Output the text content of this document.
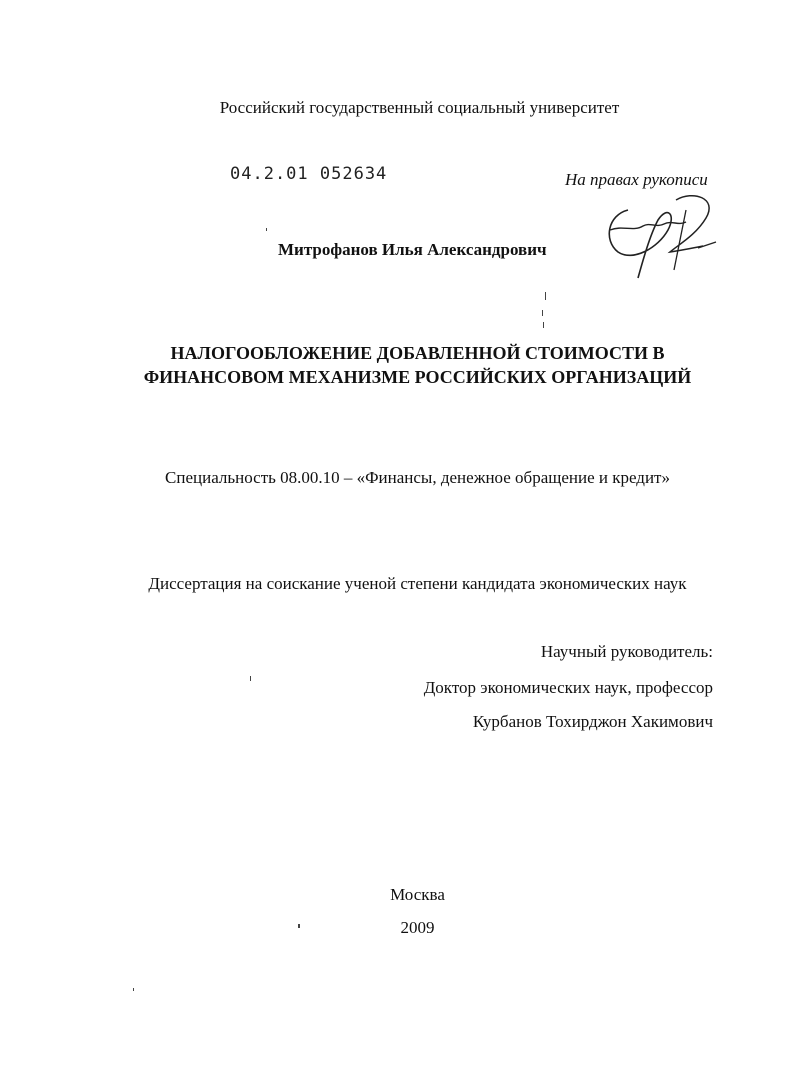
Российский государственный социальный университет
04.2.01 052634	На правах рукописи
Митрофанов Илья Александрович
НАЛОГООБЛОЖЕНИЕ ДОБАВЛЕННОЙ СТОИМОСТИ В
ФИНАНСОВОМ МЕХАНИЗМЕ РОССИЙСКИХ ОРГАНИЗАЦИЙ
Специальность 08.00.10 – «Финансы, денежное обращение и кредит»
Диссертация на соискание ученой степени кандидата экономических наук
Научный руководитель:
Доктор экономических наук, профессор
Курбанов Тохирджон Хакимович
Москва
2009
